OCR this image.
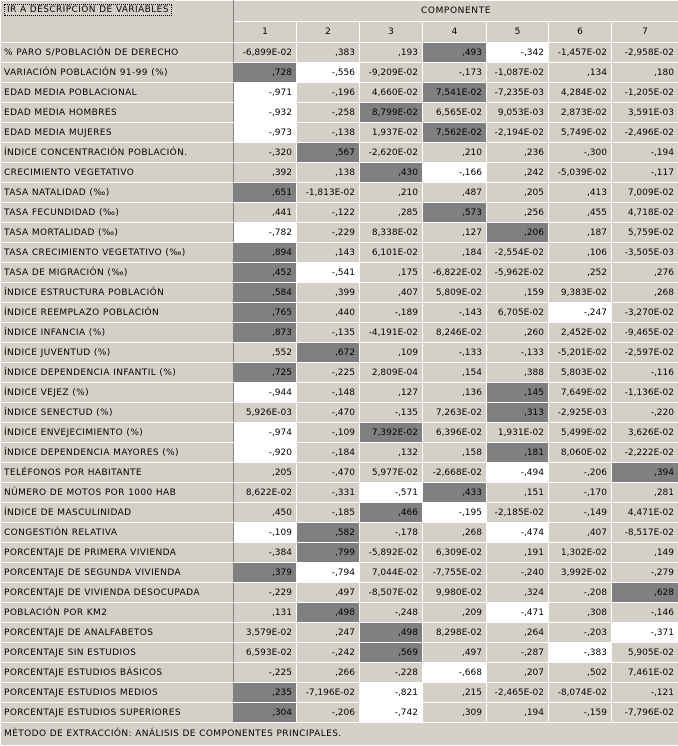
IR A DESCRIPCIÓN DE VARIABLES	COMPONENTE						
	1	2	3	4	5	6	7
% PARO S/POBLACIÓN DE DERECHO	-6,899E-02	,383	,193	,493	-,342	-1,457E-02	-2,958E-02
VARIACIÓN POBLACIÓN 91-99 (%)	,728	-,556	-9,209E-02	-,173	-1,087E-02	,134	,180
EDAD MEDIA POBLACIONAL	-,971	-,196	4,660E-02	7,541E-02	-7,235E-03	4,284E-02	-1,205E-02
EDAD MEDIA HOMBRES	-,932	-,258	8,799E-02	6,565E-02	9,053E-03	2,873E-02	3,591E-03
EDAD MEDIA MUJERES	-,973	-,138	1,937E-02	7,562E-02	-2,194E-02	5,749E-02	-2,496E-02
ÍNDICE CONCENTRACIÓN POBLACIÓN.	-,320	,567	-2,620E-02	,210	,236	-,300	-,194
CRECIMIENTO VEGETATIVO	,392	,138	,430	-,166	,242	-5,039E-02	-,117
TASA NATALIDAD (‰)	,651	-1,813E-02	,210	,487	,205	,413	7,009E-02
TASA FECUNDIDAD (‰)	,441	-,122	,285	,573	,256	,455	4,718E-02
TASA MORTALIDAD (‰)	-,782	-,229	8,338E-02	,127	,206	,187	5,759E-02
TASA CRECIMIENTO VEGETATIVO (‰)	,894	,143	6,101E-02	,184	-2,554E-02	,106	-3,505E-03
TASA DE MIGRACIÓN (‰)	,452	-,541	,175	-6,822E-02	-5,962E-02	,252	,276
ÍNDICE ESTRUCTURA POBLACIÓN	,584	,399	,407	5,809E-02	,159	9,383E-02	,268
ÍNDICE REEMPLAZO POBLACIÓN	,765	,440	-,189	-,143	6,705E-02	-,247	-3,270E-02
ÍNDICE INFANCIA (%)	,873	-,135	-4,191E-02	8,246E-02	,260	2,452E-02	-9,465E-02
ÍNDICE JUVENTUD (%)	,552	,672	,109	-,133	-,133	-5,201E-02	-2,597E-02
ÍNDICE DEPENDENCIA INFANTIL (%)	,725	-,225	2,809E-04	,154	,388	5,803E-02	-,116
ÍNDICE VEJEZ (%)	-,944	-,148	,127	,136	,145	7,649E-02	-1,136E-02
ÍNDICE SENECTUD (%)	5,926E-03	-,470	-,135	7,263E-02	,313	-2,925E-03	-,220
ÍNDICE ENVEJECIMIENTO (%)	-,974	-,109	7,392E-02	6,396E-02	1,931E-02	5,499E-02	3,626E-02
ÍNDICE DEPENDENCIA MAYORES (%)	-,920	-,184	,132	,158	,181	8,060E-02	-2,222E-02
TELÉFONOS POR HABITANTE	,205	-,470	5,977E-02	-2,668E-02	-,494	-,206	,394
NÚMERO DE MOTOS POR 1000 HAB	8,622E-02	-,331	-,571	,433	,151	-,170	,281
ÍNDICE DE MASCULINIDAD	,450	-,185	,466	-,195	-2,185E-02	-,149	4,471E-02
CONGESTIÓN RELATIVA	-,109	,582	-,178	,268	-,474	,407	-8,517E-02
PORCENTAJE DE PRIMERA VIVIENDA	-,384	,799	-5,892E-02	6,309E-02	,191	1,302E-02	,149
PORCENTAJE DE SEGUNDA VIVIENDA	,379	-,794	7,044E-02	-7,755E-02	-,240	3,992E-02	-,279
PORCENTAJE DE VIVIENDA DESOCUPADA	-,229	,497	-8,507E-02	9,980E-02	,324	-,208	,628
POBLACIÓN POR KM2	,131	,498	-,248	,209	-,471	,308	-,146
PORCENTAJE DE ANALFABETOS	3,579E-02	,247	,498	8,298E-02	,264	-,203	-,371
PORCENTAJE SIN ESTUDIOS	6,593E-02	-,242	,569	,497	-,287	-,383	5,905E-02
PORCENTAJE ESTUDIOS BÁSICOS	-,225	,266	-,228	-,668	,207	,502	7,461E-02
PORCENTAJE ESTUDIOS MEDIOS	,235	-7,196E-02	-,821	,215	-2,465E-02	-8,074E-02	-,121
PORCENTAJE ESTUDIOS SUPERIORES	,304	-,206	-,742	,309	,194	-,159	-7,796E-02
MÉTODO DE EXTRACCIÓN: ANÁLISIS DE COMPONENTES PRINCIPALES.							
